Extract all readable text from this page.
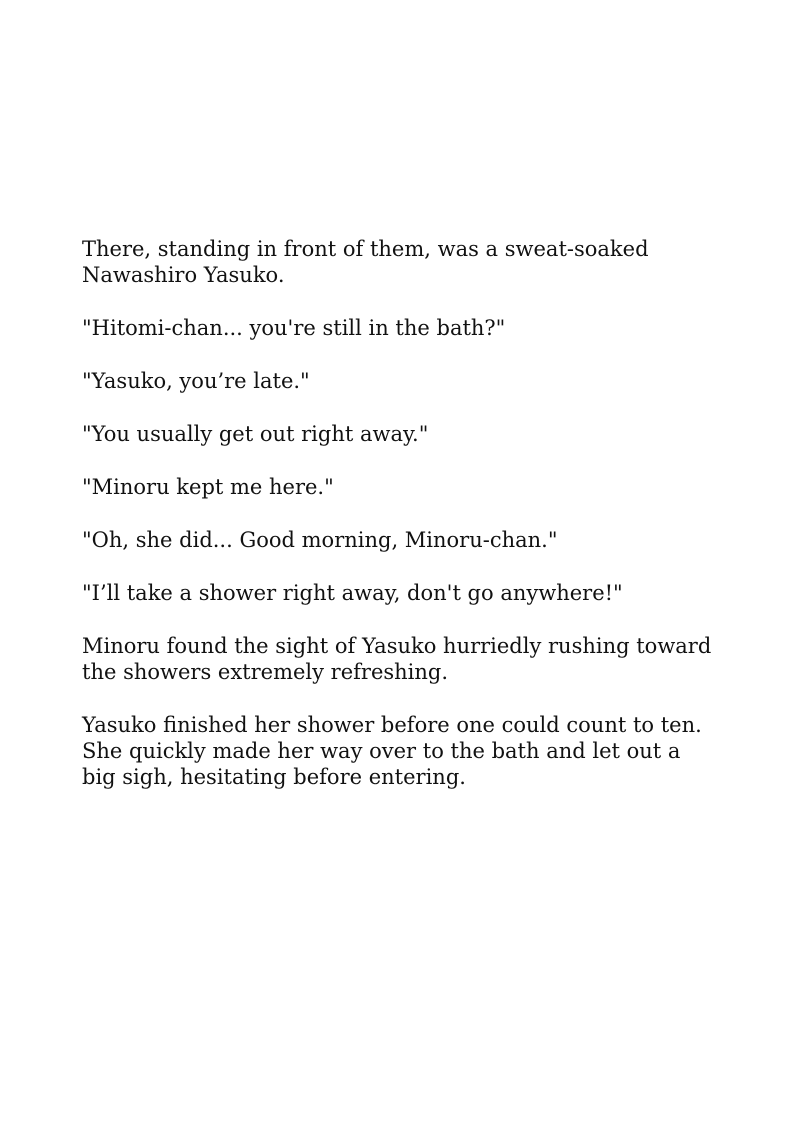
There, standing in front of them, was a sweat-soaked
Nawashiro Yasuko.

"Hitomi-chan... you're still in the bath?"

"Yasuko, you’re late."

"You usually get out right away."

"Minoru kept me here."

"Oh, she did... Good morning, Minoru-chan."

"I’ll take a shower right away, don't go anywhere!"

Minoru found the sight of Yasuko hurriedly rushing toward
the showers extremely refreshing.

Yasuko finished her shower before one could count to ten.
She quickly made her way over to the bath and let out a
big sigh, hesitating before entering.
